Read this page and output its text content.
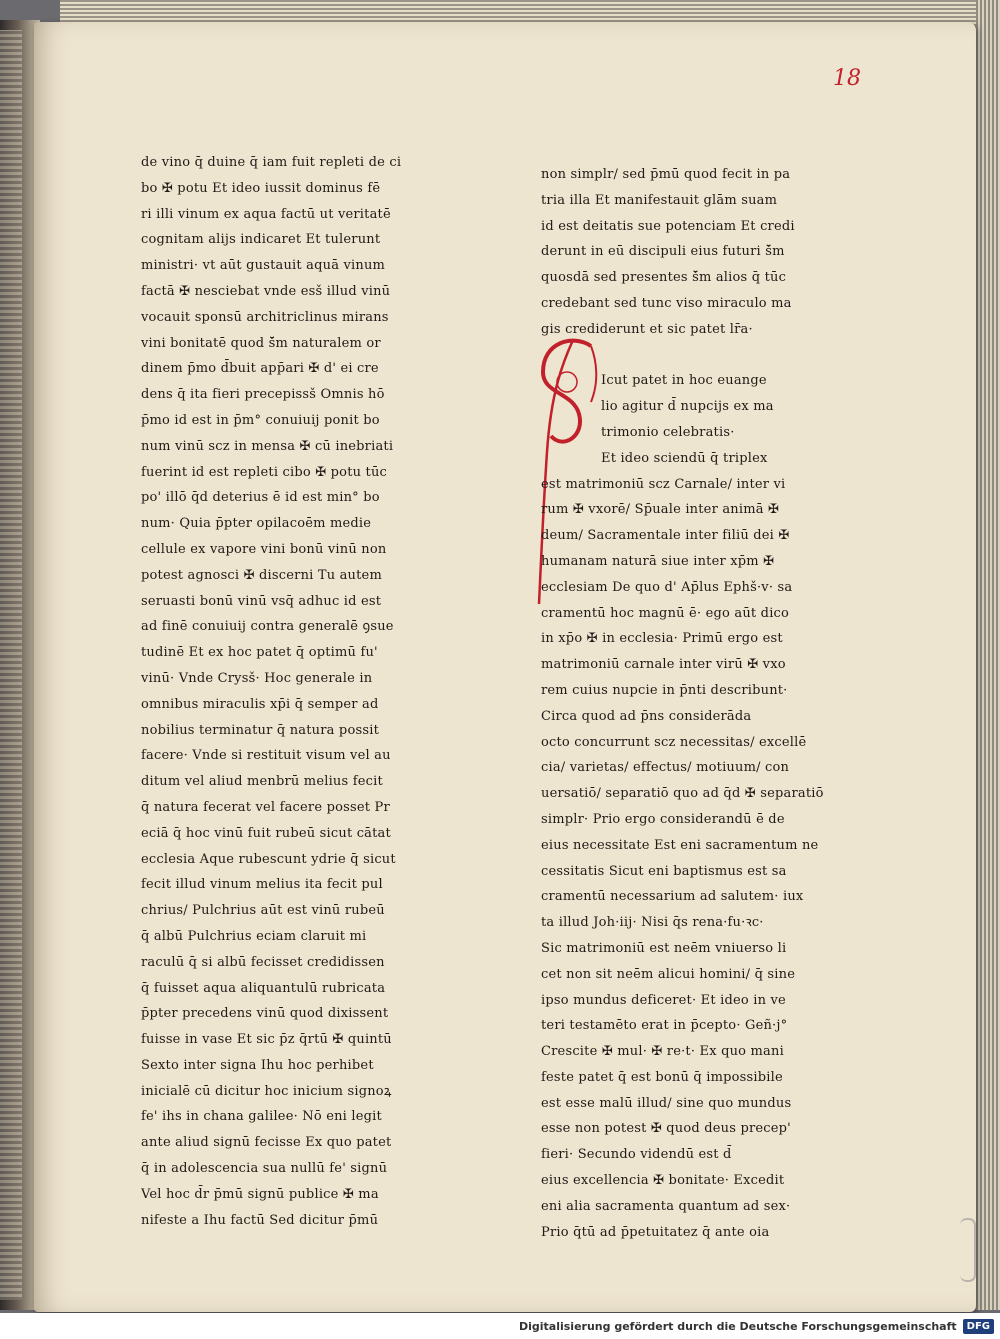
18
de vino q̄ duine q̄ iam fuit repleti de ci
bo ✠ potu Et ideo iussit dominus fē
ri illi vinum ex aqua factū ut veritatē
cognitam alijs indicaret Et tulerunt
ministri· vt aūt gustauit aquā vinum
factā ✠ nesciebat vnde esš illud vinū
vocauit sponsū architriclinus mirans
vini bonitatē quod š̄m naturalem or
dinem p̄mo d̄buit app̄ari ✠ d' ei cre
dens q̄ ita fieri precepissš Omnis hō
p̄mo id est in p̄m° conuiuij ponit bo
num vinū scz in mensa ✠ cū inebriati
fuerint id est repleti cibo ✠ potu tūc
po' illō q̄d deterius ē id est min° bo
num· Quia p̄pter opilacoēm medie
cellule ex vapore vini bonū vinū non
potest agnosci ✠ discerni Tu autem
seruasti bonū vinū vsq̄ adhuc id est
ad finē conuiuij contra generalē ꝯsue
tudinē Et ex hoc patet q̄ optimū fu'
vinū· Vnde Crysš· Hoc generale in
omnibus miraculis xp̄i q̄ semper ad
nobilius terminatur q̄ natura possit
facere· Vnde si restituit visum vel au
ditum vel aliud menbrū melius fecit
q̄ natura fecerat vel facere posset Pr
eciā q̄ hoc vinū fuit rubeū sicut cātat
ecclesia Aque rubescunt ydrie q̄ sicut
fecit illud vinum melius ita fecit pul
chrius/ Pulchrius aūt est vinū rubeū
q̄ albū Pulchrius eciam claruit mi
raculū q̄ si albū fecisset credidissen
q̄ fuisset aqua aliquantulū rubricata
p̄pter precedens vinū quod dixissent
fuisse in vase Et sic p̄z q̄rtū ✠ quintū
Sexto inter signa Ihu hoc perhibet
inicialē cū dicitur hoc inicium signoꝝ
fe' ihs in chana galilee· Nō eni legit
ante aliud signū fecisse Ex quo patet
q̄ in adolescencia sua nullū fe' signū
Vel hoc d̄r p̄mū signū publice ✠ ma
nifeste a Ihu factū Sed dicitur p̄mū
non simplr/ sed p̄mū quod fecit in pa
tria illa Et manifestauit glām suam
id est deitatis sue potenciam Et credi
derunt in eū discipuli eius futuri š̄m
quosdā sed presentes š̄m alios q̄ tūc
credebant sed tunc viso miraculo ma
gis crediderunt et sic patet lr̄a·
Icut patet in hoc euange
lio agitur d̄ nupcijs ex ma
trimonio celebratis·
Et ideo sciendū q̄ triplex
est matrimoniū scz Carnale/ inter vi
rum ✠ vxorē/ Sp̄uale inter animā ✠
deum/ Sacramentale inter filiū dei ✠
humanam naturā siue inter xp̄m ✠
ecclesiam De quo d' Ap̄lus Ephš·v· sa
cramentū hoc magnū ē· ego aūt dico
in xp̄o ✠ in ecclesia· Primū ergo est
matrimoniū carnale inter virū ✠ vxo
rem cuius nupcie in p̄nti describunt·
Circa quod ad p̄ns considerāda
octo concurrunt scz necessitas/ excellē
cia/ varietas/ effectus/ motiuum/ con
uersatiō/ separatiō quo ad q̄d ✠ separatiō
simplr· Prio ergo considerandū ē de
eius necessitate Est eni sacramentum ne
cessitatis Sicut eni baptismus est sa
cramentū necessarium ad salutem· iux
ta illud Joh·iij· Nisi q̄s rena·fu·ꝛc·
Sic matrimoniū est neēm vniuerso li
cet non sit neēm alicui homini/ q̄ sine
ipso mundus deficeret· Et ideo in ve
teri testamēto erat in p̄cepto· Geñ·j°
Crescite ✠ mul· ✠ re·t· Ex quo mani
feste patet q̄ est bonū q̄ impossibile
est esse malū illud/ sine quo mundus
esse non potest ✠ quod deus precep'
fieri· Secundo videndū est d̄
eius excellencia ✠ bonitate· Excedit
eni alia sacramenta quantum ad sex·
Prio q̄tū ad p̄petuitatez q̄ ante oia
Digitalisierung gefördert durch die Deutsche Forschungsgemeinschaft	DFG
